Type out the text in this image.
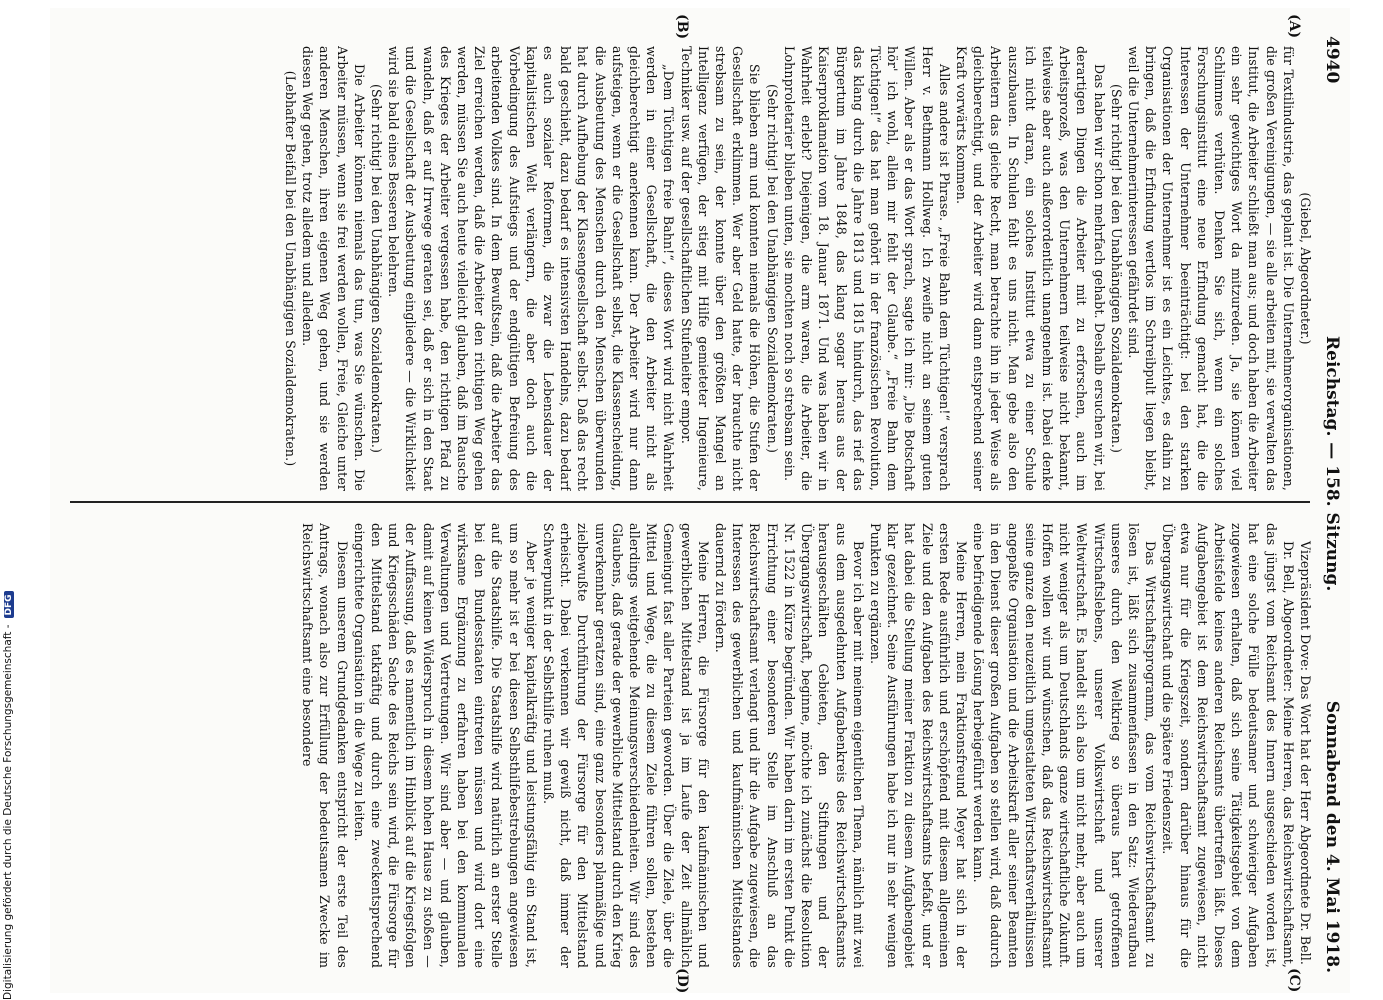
4940
Reichstag. — 158. Sitzung.
Sonnabend den 4. Mai 1918.
(A)
(B)
(C)
(D)

(Giebel, Abgeordneter.)

für Textilindustrie, das geplant ist. Die Unternehmerorganisationen, die großen Vereinigungen, — sie alle arbeiten mit, sie verwalten das Institut, die Arbeiter schließt man aus; und doch haben die Arbeiter ein sehr gewichtiges Wort da mitzureden. Ja, sie können viel Schlimmes verhüten. Denken Sie sich, wenn ein solches Forschungsinstitut eine neue Erfindung gemacht hat, die die Interessen der Unternehmer beeinträchtigt: bei den starken Organisationen der Unternehmer ist es ein Leichtes, es dahin zu bringen, daß die Erfindung wertlos im Schreibpult liegen bleibt, weil die Unternehmerinteressen gefährdet sind.

(Sehr richtig! bei den Unabhängigen Sozialdemokraten.)

Das haben wir schon mehrfach gehabt. Deshalb ersuchen wir, bei derartigen Dingen die Arbeiter mit zu erforschen, auch im Arbeitsprozeß, was den Unternehmern teilweise nicht bekannt, teilweise aber auch außerordentlich unangenehm ist. Dabei denke ich nicht daran, ein solches Institut etwa zu einer Schule auszubauen. In Schulen fehlt es uns nicht. Man gebe also den Arbeitern das gleiche Recht, man betrachte ihn in jeder Weise als gleichberechtigt, und der Arbeiter wird dann entsprechend seiner Kraft vorwärts kommen.

Alles andere ist Phrase. „Freie Bahn dem Tüchtigen!“ versprach Herr v. Bethmann Hollweg. Ich zweifle nicht an seinem guten Willen. Aber als er das Wort sprach, sagte ich mir: „Die Botschaft hör' ich wohl, allein mir fehlt der Glaube.“ „Freie Bahn dem Tüchtigen!“ das hat man gehört in der französischen Revolution, das klang durch die Jahre 1813 und 1815 hindurch, das rief das Bürgertum im Jahre 1848, das klang sogar heraus aus der Kaiserproklamation vom 18. Januar 1871. Und was haben wir in Wahrheit erlebt? Diejenigen, die arm waren, die Arbeiter, die Lohnproletarier blieben unten, sie mochten noch so strebsam sein.

(Sehr richtig! bei den Unabhängigen Sozialdemokraten.)

Sie blieben arm und konnten niemals die Höhen, die Stufen der Gesellschaft erklimmen. Wer aber Geld hatte, der brauchte nicht strebsam zu sein, der konnte über den größten Mangel an Intelligenz verfügen, der stieg mit Hilfe gemieteter Ingenieure, Techniker usw. auf der gesellschaftlichen Stufenleiter empor.

„Dem Tüchtigen freie Bahn!“, dieses Wort wird nicht Wahrheit werden in einer Gesellschaft, die den Arbeiter nicht als gleichberechtigt anerkennen kann. Der Arbeiter wird nur dann aufsteigen, wenn er die Gesellschaft selbst, die Klassenscheidung, die Ausbeutung des Menschen durch den Menschen überwunden hat durch Aufhebung der Klassengesellschaft selbst. Daß das recht bald geschieht, dazu bedarf es intensivsten Handelns, dazu bedarf es auch sozialer Reformen, die zwar die Lebensdauer der kapitalistischen Welt verlängern, die aber doch auch die Vorbedingung des Aufstiegs und der endgültigen Befreiung des arbeitenden Volkes sind. In dem Bewußtsein, daß die Arbeiter das Ziel erreichen werden, daß die Arbeiter den richtigen Weg gehen werden, müssen Sie auch heute vielleicht glauben, daß im Rausche des Krieges der Arbeiter vergessen habe, den richtigen Pfad zu wandeln, daß er auf Irrwege geraten sei, daß er sich in den Staat und die Gesellschaft der Ausbeutung eingliedere — die Wirklichkeit wird sie bald eines Besseren belehren.

(Sehr richtig! bei den Unabhängigen Sozialdemokraten.)

Die Arbeiter können niemals das tun, was Sie wünschen. Die Arbeiter müssen, wenn sie frei werden wollen, Freie, Gleiche unter anderen Menschen, ihren eigenen Weg gehen, und sie werden diesen Weg gehen, trotz alledem und alledem.

(Lebhafter Beifall bei den Unabhängigen Sozialdemokraten.)

Vizepräsident Dove: Das Wort hat der Herr Abgeordnete Dr. Bell.

Dr. Bell, Abgeordneter: Meine Herren, das Reichswirtschaftsamt, das jüngst vom Reichsamt des Innern ausgeschieden worden ist, hat eine solche Fülle bedeutsamer und schwieriger Aufgaben zugewiesen erhalten, daß sich seine Tätigkeitsgebiet von dem Arbeitsfelde keines anderen Reichsamts übertreffen läßt. Dieses Aufgabengebiet ist dem Reichswirtschaftsamt zugewiesen, nicht etwa nur für die Kriegszeit, sondern darüber hinaus für die Übergangswirtschaft und die spätere Friedenszeit.

Das Wirtschaftsprogramm, das vom Reichswirtschaftsamt zu lösen ist, läßt sich zusammenfassen in den Satz: Wiederaufbau unseres durch den Weltkrieg so überaus hart getroffenen Wirtschaftslebens, unserer Volkswirtschaft und unserer Weltwirtschaft. Es handelt sich also um nicht mehr, aber auch um nicht weniger als um Deutschlands ganze wirtschaftliche Zukunft. Hoffen wollen wir und wünschen, daß das Reichswirtschaftsamt seine ganze den neuzeitlich umgestalteten Wirtschaftsverhältnissen angepaßte Organisation und die Arbeitskraft aller seiner Beamten in den Dienst dieser großen Aufgaben so stellen wird, daß dadurch eine befriedigende Lösung herbeigeführt werden kann.

Meine Herren, mein Fraktionsfreund Meyer hat sich in der ersten Rede ausführlich und erschöpfend mit diesem allgemeinen Ziele und den Aufgaben des Reichswirtschaftsamts befaßt, und er hat dabei die Stellung meiner Fraktion zu diesem Aufgabengebiet klar gezeichnet. Seine Ausführungen habe ich nur in sehr wenigen Punkten zu ergänzen.

Bevor ich aber mit meinem eigentlichen Thema, nämlich mit zwei aus dem ausgedehnten Aufgabenkreis des Reichswirtschaftsamts herausgeschälten Gebieten, den Stiftungen und der Übergangswirtschaft, beginne, möchte ich zunächst die Resolution Nr. 1522 in Kürze begründen. Wir haben darin im ersten Punkt die Errichtung einer besonderen Stelle im Anschluß an das Reichswirtschaftsamt verlangt und ihr die Aufgabe zugewiesen, die Interessen des gewerblichen und kaufmännischen Mittelstandes dauernd zu fördern.

Meine Herren, die Fürsorge für den kaufmännischen und gewerblichen Mittelstand ist ja im Laufe der Zeit allmählich Gemeingut fast aller Parteien geworden. Über die Ziele, über die Mittel und Wege, die zu diesem Ziele führen sollen, bestehen allerdings weitgehende Meinungsverschiedenheiten. Wir sind des Glaubens, daß gerade der gewerbliche Mittelstand durch den Krieg unverkennbar geratzen sind, eine ganz besonders planmäßige und zielbewußte Durchführung der Fürsorge für den Mittelstand erheischt. Dabei verkennen wir gewiß nicht, daß immer der Schwerpunkt in der Selbsthilfe ruhen muß.

Aber je weniger kapitalkräftig und leistungsfähig ein Stand ist, um so mehr ist er bei diesen Selbsthilfebestrebungen angewiesen auf die Staatshilfe. Die Staatshilfe wird natürlich an erster Stelle bei den Bundesstaaten eintreten müssen und wird dort eine wirksame Ergänzung zu erfahren haben bei den kommunalen Verwaltungen und Vertretungen. Wir sind aber — und glauben, damit auf keinen Widerspruch in diesem hohen Hause zu stoßen — der Auffassung, daß es namentlich im Hinblick auf die Kriegsfolgen und Kriegsschäden Sache des Reichs sein wird, die Fürsorge für den Mittelstand tatkräftig und durch eine zweckentsprechend eingerichtete Organisation in die Wege zu leiten.

Diesem unserem Grundgedanken entspricht der erste Teil des Antrags, wonach also zur Erfüllung der bedeutsamen Zwecke im Reichswirtschaftsamt eine besondere

Digitalisierung gefördert durch die Deutsche Forschungsgemeinschaft -DFG
